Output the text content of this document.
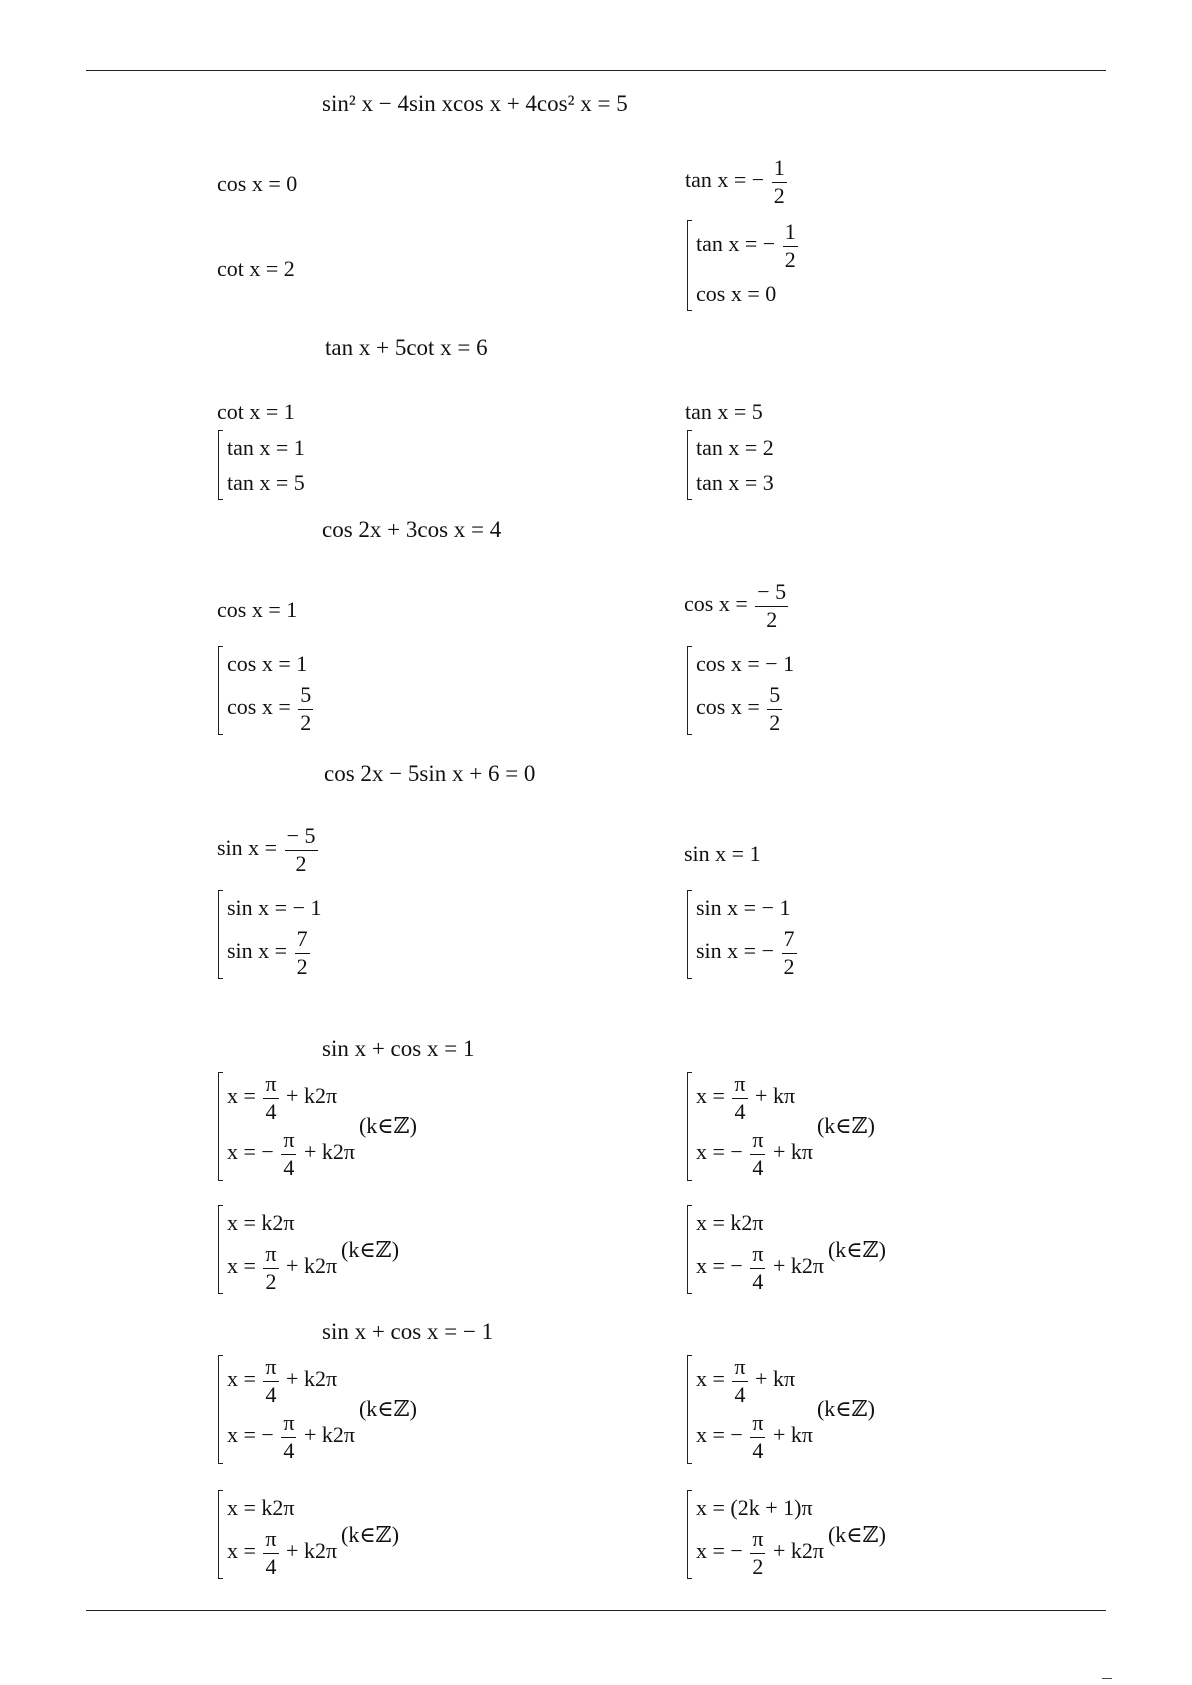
sin² x − 4sin xcos x + 4cos² x = 5
cos x = 0	tan x = − $\frac{1}{2}$
cot x = 2
tan x = − $\frac{1}{2}$
cos x = 0
tan x + 5cot x = 6
cot x = 1	tan x = 5
tan x = 1
tan x = 5
tan x = 2
tan x = 3
cos 2x + 3cos x = 4
cos x = 1	$\cos x = \frac{- 5}{2}$
cos x = 1
$\cos x = \frac{5}{2}$
cos x = − 1
$\cos x = \frac{5}{2}$
cos 2x − 5sin x + 6 = 0
$\sin x = \frac{- 5}{2}$	sin x = 1
sin x = − 1
$\sin x = \frac{7}{2}$
sin x = − 1
sin x = − $\frac{7}{2}$
sin x + cos x = 1
$x = \frac{\pi}{4} + k2\pi$
x = − $\frac{\pi}{4} + k2\pi$
(k∈ℤ)
$x = \frac{\pi}{4} + k\pi$
x = − $\frac{\pi}{4} + k\pi$
(k∈ℤ)
x = k2π
$x = \frac{\pi}{2} + k2\pi$
(k∈ℤ)
x = k2π
x = − $\frac{\pi}{4} + k2\pi$
(k∈ℤ)
sin x + cos x = − 1
$x = \frac{\pi}{4} + k2\pi$
x = − $\frac{\pi}{4} + k2\pi$
(k∈ℤ)
$x = \frac{\pi}{4} + k\pi$
x = − $\frac{\pi}{4} + k\pi$
(k∈ℤ)
x = k2π
$x = \frac{\pi}{4} + k2\pi$
(k∈ℤ)
x = (2k + 1)π
x = − $\frac{\pi}{2} + k2\pi$
(k∈ℤ)
